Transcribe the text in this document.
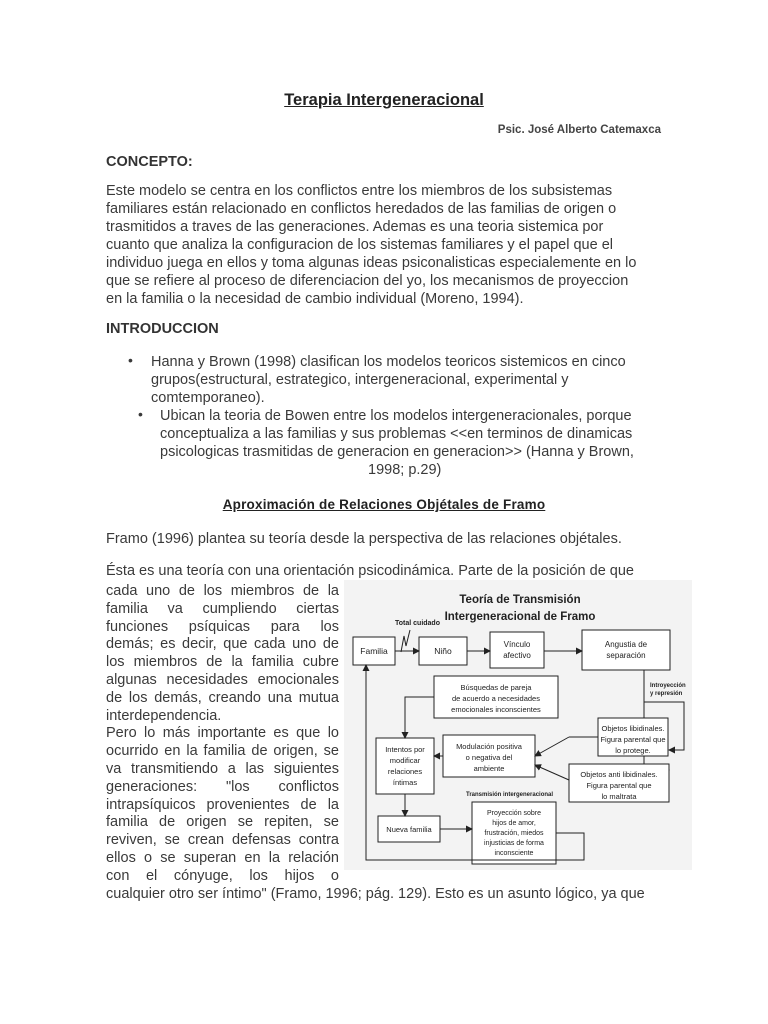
Terapia Intergeneracional
Psic. José Alberto Catemaxca
CONCEPTO:
Este modelo se centra en los conflictos entre los miembros de los subsistemas
familiares están relacionado en conflictos heredados de las familias de origen o
trasmitidos a traves de las generaciones. Ademas es una teoria sistemica por
cuanto que analiza la configuracion de los sistemas familiares y el papel que el
individuo juega en ellos y toma algunas ideas psiconalisticas especialemente en lo
que se refiere al proceso de diferenciacion del yo, los mecanismos de proyeccion
en la familia o la necesidad de cambio individual (Moreno, 1994).
INTRODUCCION
• Hanna y Brown (1998) clasifican los modelos teoricos sistemicos en cinco
grupos(estructural, estrategico, intergeneracional, experimental y
comtemporaneo).
• Ubican la teoria de Bowen entre los modelos intergeneracionales, porque
conceptualiza a las familias y sus problemas <<en terminos de dinamicas
psicologicas trasmitidas de generacion en generacion>> (Hanna y Brown,
1998; p.29)
Aproximación de Relaciones Objétales de Framo
Framo (1996) plantea su teoría desde la perspectiva de las relaciones objétales.
Ésta es una teoría con una orientación psicodinámica. Parte de la posición de que
cada uno de los miembros de la
familia va cumpliendo ciertas
funciones psíquicas para los
demás; es decir, que cada uno de
los miembros de la familia cubre
algunas necesidades emocionales
de los demás, creando una mutua
interdependencia.
Pero lo más importante es que lo
ocurrido en la familia de origen, se
va transmitiendo a las siguientes
generaciones: "los conflictos
intrapsíquicos provenientes de la
familia de origen se repiten, se
reviven, se crean defensas contra
ellos o se superan en la relación
con el cónyuge, los hijos o
cualquier otro ser íntimo" (Framo, 1996; pág. 129). Esto es un asunto lógico, ya que
Teoría de Transmisión
Intergeneracional de Framo
Total cuidado
Familia	Niño
Vínculo
afectivo
Angustia de
separación
Introyección
y represión
Búsquedas de pareja
de acuerdo a necesidades
emocionales inconscientes
Objetos libidinales.
Figura parental que
lo protege.
Intentos por
modificar
relaciones
íntimas
Modulación positiva
o negativa del
ambiente
Objetos anti libidinales.
Figura parental que
lo maltrata
Transmisión intergeneracional
Nueva familia
Proyección sobre
hijos de amor,
frustración, miedos
injusticias de forma
inconsciente
